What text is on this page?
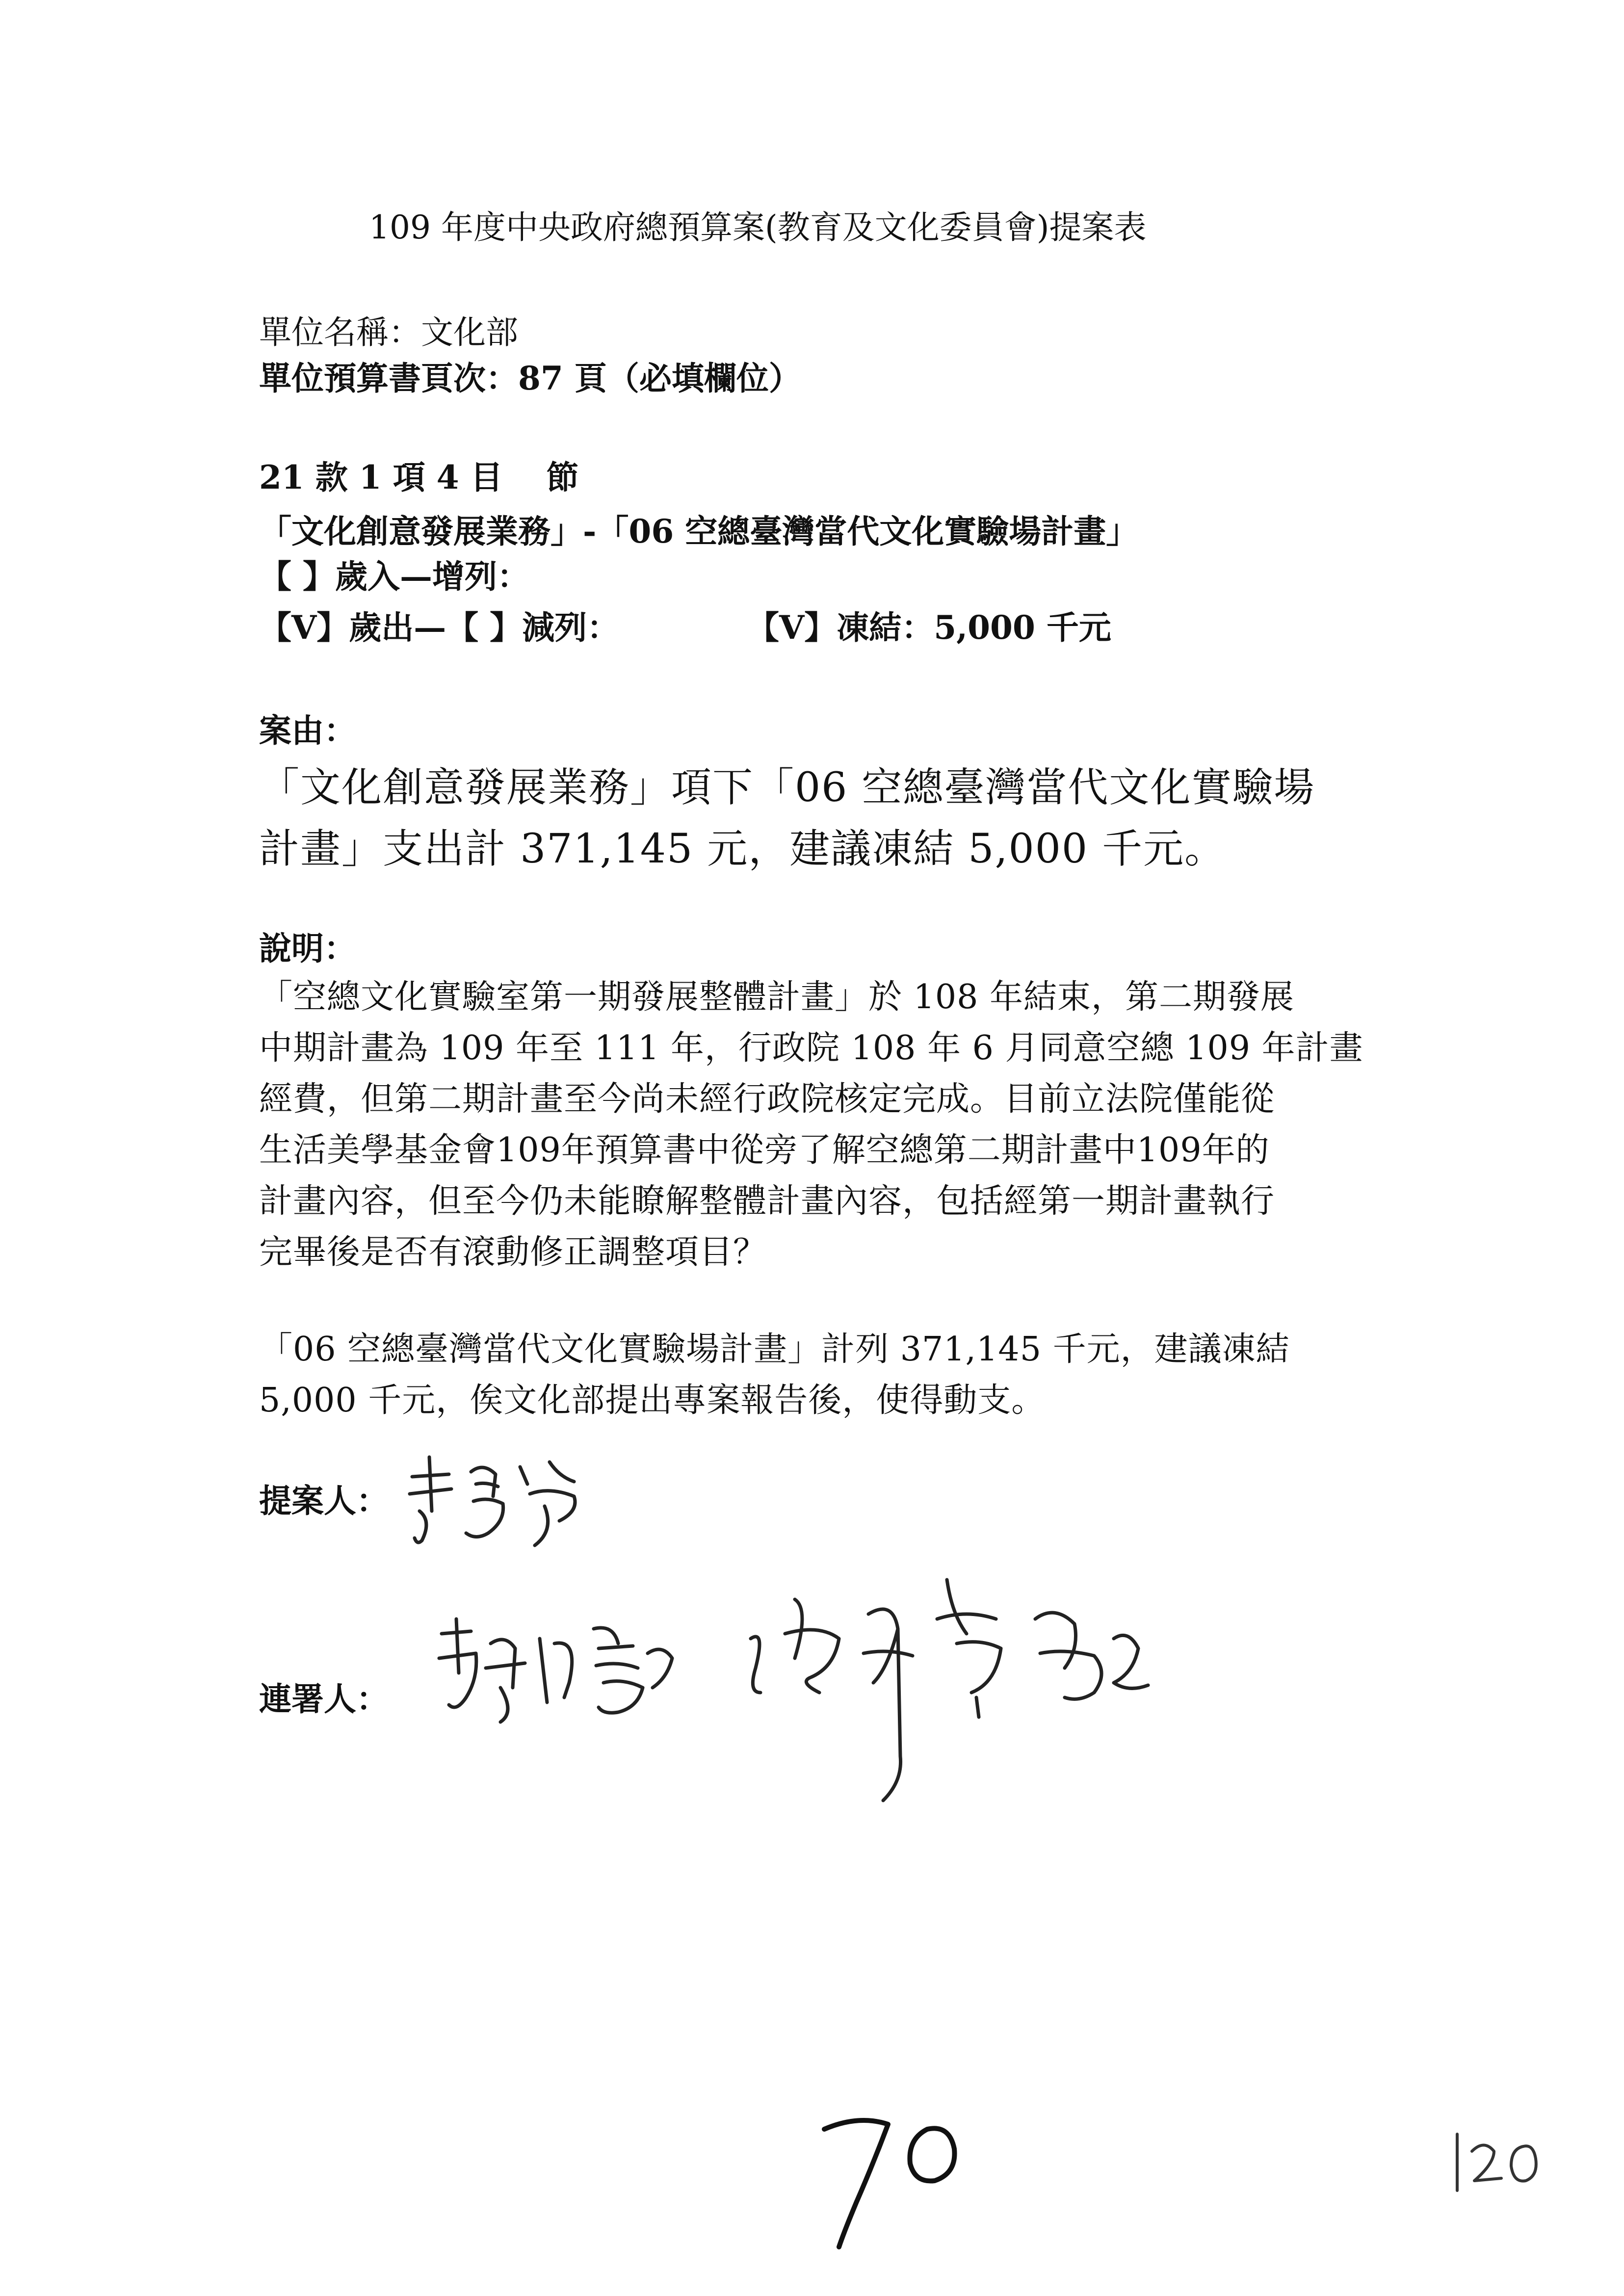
109 年度中央政府總預算案(教育及文化委員會)提案表
單位名稱：文化部
單位預算書頁次：87 頁（必填欄位）
21 款 1 項 4 目　 節
「文化創意發展業務」-「06 空總臺灣當代文化實驗場計畫」
【 】歲入—增列：
【V】歲出—【 】減列：	【V】凍結：5,000 千元
案由：
「文化創意發展業務」項下「06 空總臺灣當代文化實驗場
計畫」支出計 371,145 元，建議凍結 5,000 千元。
說明：
「空總文化實驗室第一期發展整體計畫」於 108 年結束，第二期發展
中期計畫為 109 年至 111 年，行政院 108 年 6 月同意空總 109 年計畫
經費，但第二期計畫至今尚未經行政院核定完成。目前立法院僅能從
生活美學基金會109年預算書中從旁了解空總第二期計畫中109年的
計畫內容，但至今仍未能瞭解整體計畫內容，包括經第一期計畫執行
完畢後是否有滾動修正調整項目？
「06 空總臺灣當代文化實驗場計畫」計列 371,145 千元，建議凍結
5,000 千元，俟文化部提出專案報告後，使得動支。
提案人：
連署人：
